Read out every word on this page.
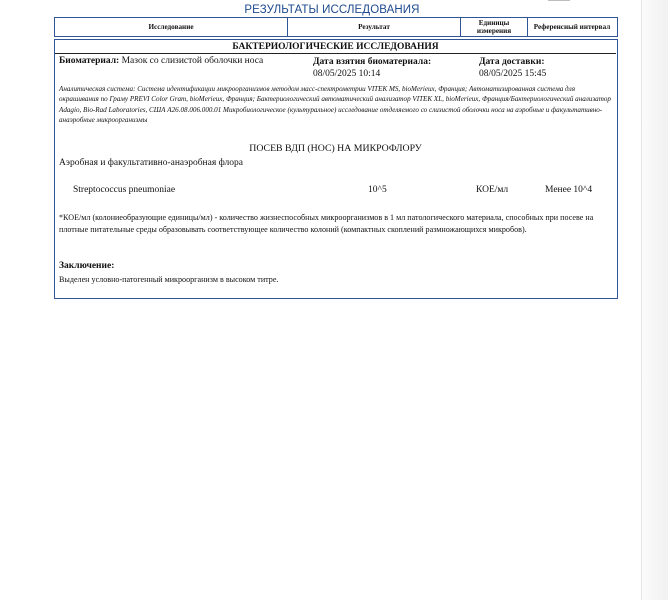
РЕЗУЛЬТАТЫ ИССЛЕДОВАНИЯ
Исследование	Результат	Единицы измерения	Референсный интервал
БАКТЕРИОЛОГИЧЕСКИЕ ИССЛЕДОВАНИЯ
Биоматериал: Мазок со слизистой оболочки носа	Дата взятия биоматериала:
08/05/2025 10:14
Дата доставки:
08/05/2025 15:45
Аналитическая система: Система идентификации микроорганизмов методом масс-спектрометрии VITEK MS, bioMerieux, Франция; Автоматизированная система для окрашивания по Граму PREVI Color Gram, bioMerieux, Франция; Бактериологический автоматический анализатор VITEK XL, bioMerieux, Франция/Бактериологический анализатор Adagio, Bio-Rad Laboratories, США А26.08.006.000.01 Микробиологическое (культуральное) исследование отделяемого со слизистой оболочки носа на аэробные и факультативно-анаэробные микроорганизмы
ПОСЕВ ВДП (НОС) НА МИКРОФЛОРУ
Аэробная и факультативно-анаэробная флора
Streptococcus pneumoniae	10^5	КОЕ/мл	Менее 10^4
*КОЕ/мл (колониеобразующие единицы/мл) - количество жизнеспособных микроорганизмов в 1 мл патологического материала, способных при посеве на плотные питательные среды образовывать соответствующее количество колоний (компактных скоплений размножающихся микробов).
Заключение:
Выделен условно-патогенный микроорганизм в высоком титре.
